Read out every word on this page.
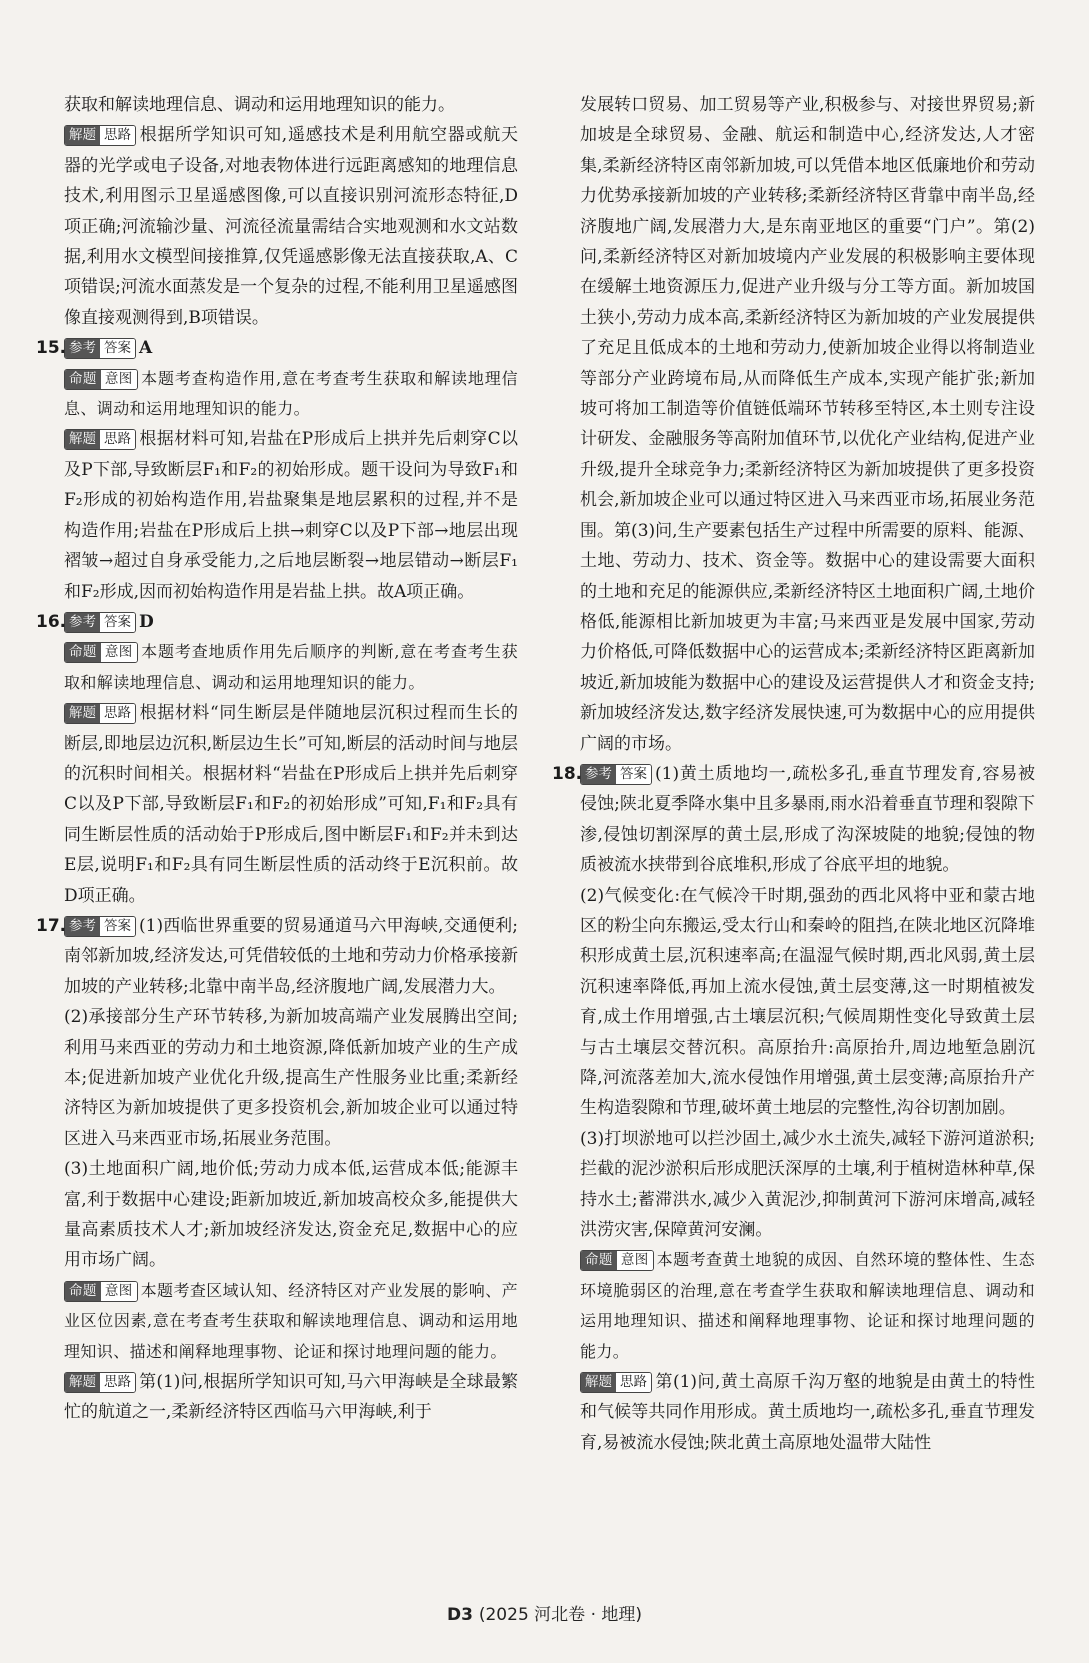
获取和解读地理信息、调动和运用地理知识的能力。

解题 思路 根据所学知识可知,遥感技术是利用航空器或航天器的光学或电子设备,对地表物体进行远距离感知的地理信息技术,利用图示卫星遥感图像,可以直接识别河流形态特征,D项正确;河流输沙量、河流径流量需结合实地观测和水文站数据,利用水文模型间接推算,仅凭遥感影像无法直接获取,A、C项错误;河流水面蒸发是一个复杂的过程,不能利用卫星遥感图像直接观测得到,B项错误。

15. 参考 答案 A

命题 意图 本题考查构造作用,意在考查考生获取和解读地理信息、调动和运用地理知识的能力。

解题 思路 根据材料可知,岩盐在P形成后上拱并先后刺穿C以及P下部,导致断层F₁和F₂的初始形成。题干设问为导致F₁和F₂形成的初始构造作用,岩盐聚集是地层累积的过程,并不是构造作用;岩盐在P形成后上拱→刺穿C以及P下部→地层出现褶皱→超过自身承受能力,之后地层断裂→地层错动→断层F₁和F₂形成,因而初始构造作用是岩盐上拱。故A项正确。

16. 参考 答案 D

命题 意图 本题考查地质作用先后顺序的判断,意在考查考生获取和解读地理信息、调动和运用地理知识的能力。

解题 思路 根据材料“同生断层是伴随地层沉积过程而生长的断层,即地层边沉积,断层边生长”可知,断层的活动时间与地层的沉积时间相关。根据材料“岩盐在P形成后上拱并先后刺穿C以及P下部,导致断层F₁和F₂的初始形成”可知,F₁和F₂具有同生断层性质的活动始于P形成后,图中断层F₁和F₂并未到达E层,说明F₁和F₂具有同生断层性质的活动终于E沉积前。故D项正确。

17. 参考 答案 (1)西临世界重要的贸易通道马六甲海峡,交通便利;南邻新加坡,经济发达,可凭借较低的土地和劳动力价格承接新加坡的产业转移;北靠中南半岛,经济腹地广阔,发展潜力大。

(2)承接部分生产环节转移,为新加坡高端产业发展腾出空间;利用马来西亚的劳动力和土地资源,降低新加坡产业的生产成本;促进新加坡产业优化升级,提高生产性服务业比重;柔新经济特区为新加坡提供了更多投资机会,新加坡企业可以通过特区进入马来西亚市场,拓展业务范围。

(3)土地面积广阔,地价低;劳动力成本低,运营成本低;能源丰富,利于数据中心建设;距新加坡近,新加坡高校众多,能提供大量高素质技术人才;新加坡经济发达,资金充足,数据中心的应用市场广阔。

命题 意图 本题考查区域认知、经济特区对产业发展的影响、产业区位因素,意在考查考生获取和解读地理信息、调动和运用地理知识、描述和阐释地理事物、论证和探讨地理问题的能力。

解题 思路 第(1)问,根据所学知识可知,马六甲海峡是全球最繁忙的航道之一,柔新经济特区西临马六甲海峡,利于

发展转口贸易、加工贸易等产业,积极参与、对接世界贸易;新加坡是全球贸易、金融、航运和制造中心,经济发达,人才密集,柔新经济特区南邻新加坡,可以凭借本地区低廉地价和劳动力优势承接新加坡的产业转移;柔新经济特区背靠中南半岛,经济腹地广阔,发展潜力大,是东南亚地区的重要“门户”。第(2)问,柔新经济特区对新加坡境内产业发展的积极影响主要体现在缓解土地资源压力,促进产业升级与分工等方面。新加坡国土狭小,劳动力成本高,柔新经济特区为新加坡的产业发展提供了充足且低成本的土地和劳动力,使新加坡企业得以将制造业等部分产业跨境布局,从而降低生产成本,实现产能扩张;新加坡可将加工制造等价值链低端环节转移至特区,本土则专注设计研发、金融服务等高附加值环节,以优化产业结构,促进产业升级,提升全球竞争力;柔新经济特区为新加坡提供了更多投资机会,新加坡企业可以通过特区进入马来西亚市场,拓展业务范围。第(3)问,生产要素包括生产过程中所需要的原料、能源、土地、劳动力、技术、资金等。数据中心的建设需要大面积的土地和充足的能源供应,柔新经济特区土地面积广阔,土地价格低,能源相比新加坡更为丰富;马来西亚是发展中国家,劳动力价格低,可降低数据中心的运营成本;柔新经济特区距离新加坡近,新加坡能为数据中心的建设及运营提供人才和资金支持;新加坡经济发达,数字经济发展快速,可为数据中心的应用提供广阔的市场。

18. 参考 答案 (1)黄土质地均一,疏松多孔,垂直节理发育,容易被侵蚀;陕北夏季降水集中且多暴雨,雨水沿着垂直节理和裂隙下渗,侵蚀切割深厚的黄土层,形成了沟深坡陡的地貌;侵蚀的物质被流水挟带到谷底堆积,形成了谷底平坦的地貌。

(2)气候变化:在气候冷干时期,强劲的西北风将中亚和蒙古地区的粉尘向东搬运,受太行山和秦岭的阻挡,在陕北地区沉降堆积形成黄土层,沉积速率高;在温湿气候时期,西北风弱,黄土层沉积速率降低,再加上流水侵蚀,黄土层变薄,这一时期植被发育,成土作用增强,古土壤层沉积;气候周期性变化导致黄土层与古土壤层交替沉积。高原抬升:高原抬升,周边地堑急剧沉降,河流落差加大,流水侵蚀作用增强,黄土层变薄;高原抬升产生构造裂隙和节理,破坏黄土地层的完整性,沟谷切割加剧。

(3)打坝淤地可以拦沙固土,减少水土流失,减轻下游河道淤积;拦截的泥沙淤积后形成肥沃深厚的土壤,利于植树造林种草,保持水土;蓄滞洪水,减少入黄泥沙,抑制黄河下游河床增高,减轻洪涝灾害,保障黄河安澜。

命题 意图 本题考查黄土地貌的成因、自然环境的整体性、生态环境脆弱区的治理,意在考查学生获取和解读地理信息、调动和运用地理知识、描述和阐释地理事物、论证和探讨地理问题的能力。

解题 思路 第(1)问,黄土高原千沟万壑的地貌是由黄土的特性和气候等共同作用形成。黄土质地均一,疏松多孔,垂直节理发育,易被流水侵蚀;陕北黄土高原地处温带大陆性

D3 (2025 河北卷 · 地理)
